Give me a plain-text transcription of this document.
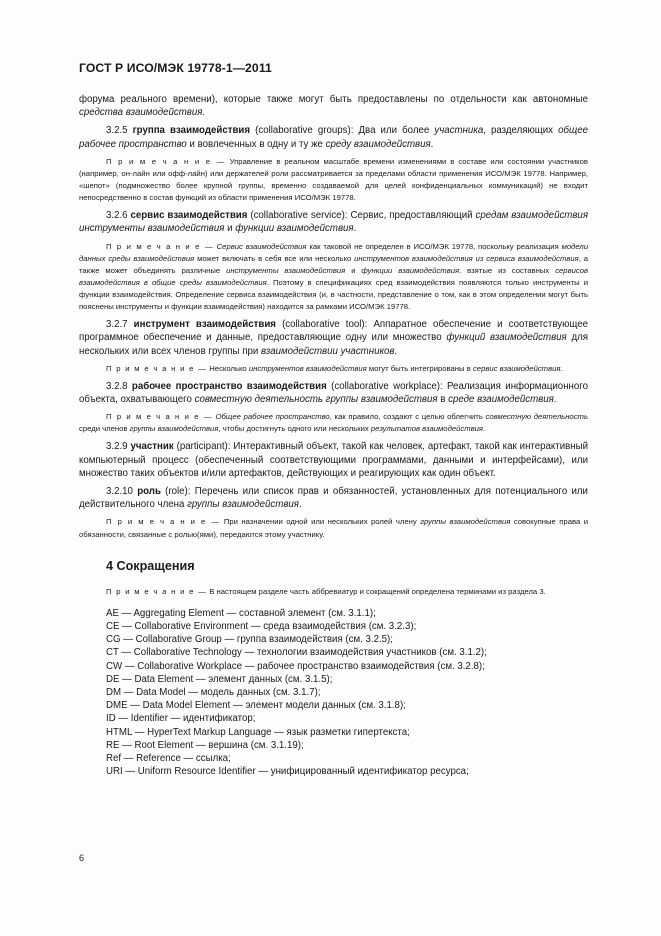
ГОСТ Р ИСО/МЭК 19778-1—2011

форума реального времени), которые также могут быть предоставлены по отдельности как автономные средства взаимодействия.

3.2.5 группа взаимодействия (collaborative groups): Два или более участника, разделяющих общее рабочее пространство и вовлеченных в одну и ту же среду взаимодействия.

П р и м е ч а н и е — Управление в реальном масштабе времени изменениями в составе или состоянии участников (например, он-лайн или офф-лайн) или держателей роли рассматривается за пределами области применения ИСО/МЭК 19778. Например, «шепот» (подмножество более крупной группы, временно создаваемой для целей конфиденциальных коммуникаций) не входит непосредственно в состав функций из области применения ИСО/МЭК 19778.

3.2.6 сервис взаимодействия (collaborative service): Сервис, предоставляющий средам взаимодействия инструменты взаимодействия и функции взаимодействия.

П р и м е ч а н и е — Сервис взаимодействия как таковой не определен в ИСО/МЭК 19778, поскольку реализация модели данных среды взаимодействия может включать в себя все или несколько инструментов взаимодействия из сервиса взаимодействия, а также может объединять различные инструменты взаимодействия и функции взаимодействия. взятые из составных сервисов взаимодействия в общие среды взаимодействия. Поэтому в спецификациях сред взаимодействия появляются только инструменты и функции взаимодействия. Определение сервиса взаимодействия (и, в частности, представление о том, как в этом определении могут быть пояснены инструменты и функции взаимодействия) находится за рамками ИСО/МЭК 19778.

3.2.7 инструмент взаимодействия (collaborative tool): Аппаратное обеспечение и соответствующее программное обеспечение и данные, предоставляющие одну или множество функций взаимодействия для нескольких или всех членов группы при взаимодействии участников.

П р и м е ч а н и е — Несколько инструментов взаимодействия могут быть интегрированы в сервис взаимодействия.

3.2.8 рабочее пространство взаимодействия (collaborative workplace): Реализация информационного объекта, охватывающего совместную дeятельность группы взаимодействия в среде взаимодействия.

П р и м е ч а н и е — Общее рабочее пространство, как правило, создают с целью облегчить совместную деятельность среди членов группы взаимодействия, чтобы достигнуть одного или нескольких результатов взаимодействия.

3.2.9 участник (participant): Интерактивный объект, такой как человек, артефакт, такой как интерактивный компьютерный процесс (обеспеченный соответствующими программами, данными и интерфейсами), или множество таких объектов и/или артефактов, действующих и реагирующих как один объект.

3.2.10 роль (role): Перечень или список прав и обязанностей, установленных для потенциального или действительного члена группы взаимодействия.

П р и м е ч а н и е — При назначении одной или нескольких ролей члену группы взаимодействия совокупные права и обязанности, связанные с ролью(ями), передаются этому участнику.

4 Сокращения

П р и м е ч а н и е — В настоящем разделе часть аббревиатур и сокращений определена терминами из раздела 3.

AE — Aggregating Element — составной элемент (см. 3.1.1);
CE — Collaborative Environment — среда взаимодействия (см. 3.2.3);
CG — Collaborative Group — группа взаимодействия (см. 3.2.5);
CT — Collaborative Technology — технологии взаимодействия участников (см. 3.1.2);
CW — Collaborative Workplace — рабочее пространство взаимодействия (см. 3.2.8);
DE — Data Element — элемент данных (см. 3.1.5);
DM — Data Model — модель данных (см. 3.1.7);
DME — Data Model Element — элемент модели данных (см. 3.1.8);
ID — Identifier — идентификатор;
HTML — HyperText Markup Language — язык разметки гипертекста;
RE — Root Element — вершина (см. 3.1.19);
Ref — Reference — ссылка;
URI — Uniform Resource Identifier — унифицированный идентификатор ресурса;
6
